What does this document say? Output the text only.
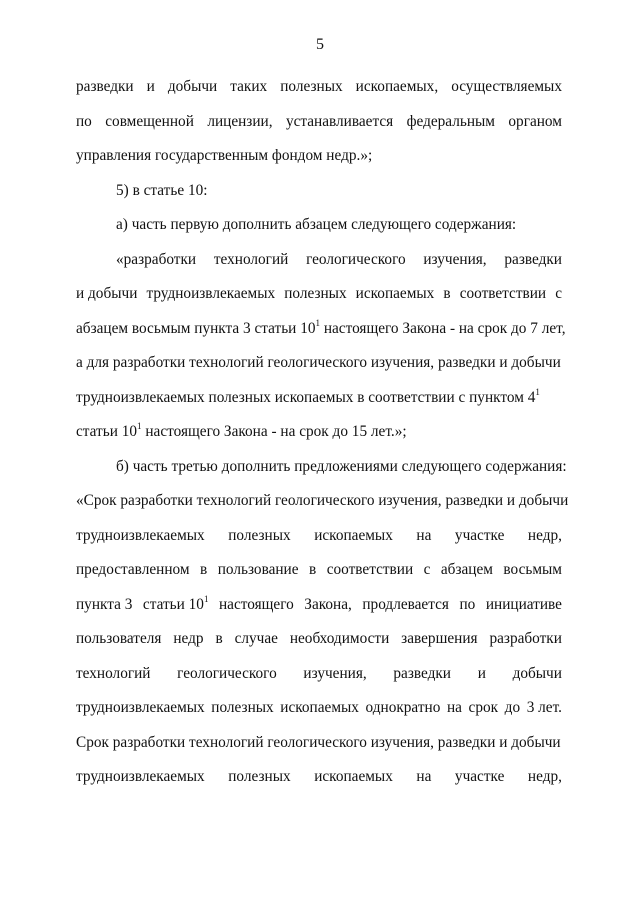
5
разведки и добычи таких полезных ископаемых, осуществляемых
по совмещенной лицензии, устанавливается федеральным органом
управления государственным фондом недр.»;
5) в статье 10:
а) часть первую дополнить абзацем следующего содержания:
«разработки технологий геологического изучения, разведки
и добычи трудноизвлекаемых полезных ископаемых в соответствии с
абзацем восьмым пункта 3 статьи $10^1$ настоящего Закона - на срок до 7 лет,
а для разработки технологий геологического изучения, разведки и добычи
трудноизвлекаемых полезных ископаемых в соответствии с пунктом $4^1$
статьи $10^1$ настоящего Закона - на срок до 15 лет.»;
б) часть третью дополнить предложениями следующего содержания:
«Срок разработки технологий геологического изучения, разведки и добычи
трудноизвлекаемых полезных ископаемых на участке недр,
предоставленном в пользование в соответствии с абзацем восьмым
пункта 3 статьи $10^1$ настоящего Закона, продлевается по инициативе
пользователя недр в случае необходимости завершения разработки
технологий геологического изучения, разведки и добычи
трудноизвлекаемых полезных ископаемых однократно на срок до 3 лет.
Срок разработки технологий геологического изучения, разведки и добычи
трудноизвлекаемых полезных ископаемых на участке недр,
